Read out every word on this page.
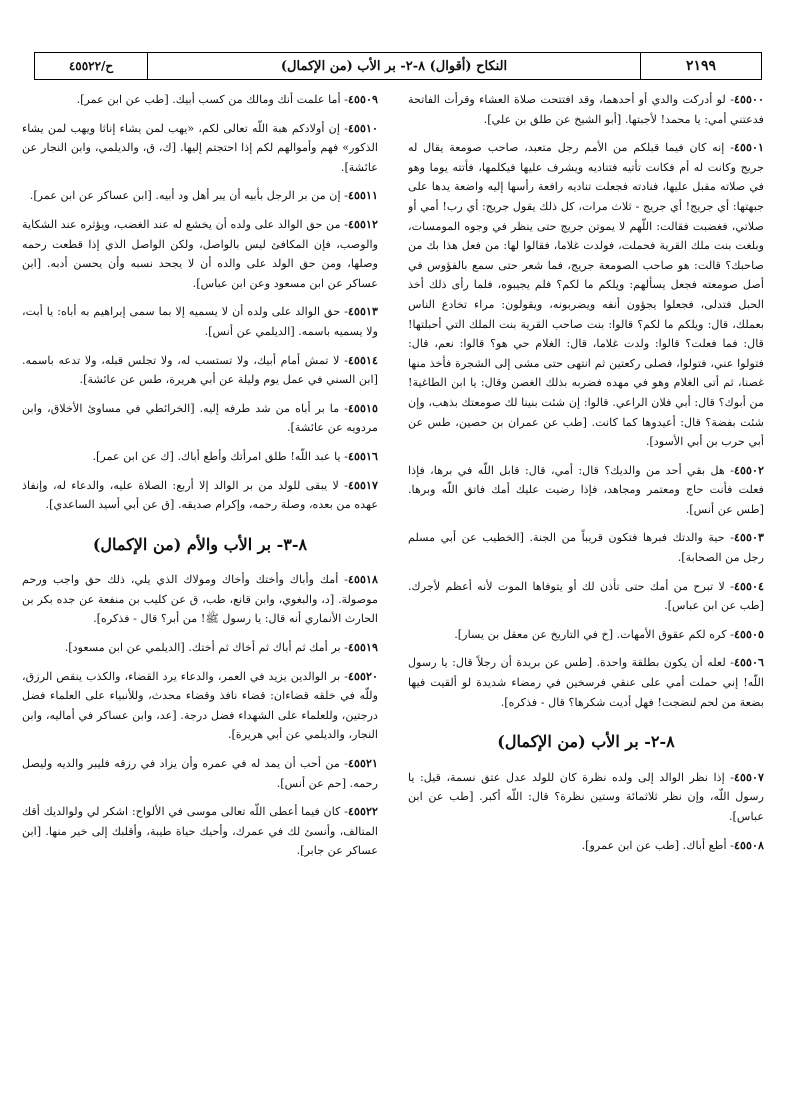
ح/٤٥٥٢٢	النكاح (أقوال) ٨-٢- بر الأب (من الإكمال)	٢١٩٩

٤٥٥٠٠- لو أدركت والدي أو أحدهما، وقد افتتحت صلاة العشاء وقرأت الفاتحة فدعتني أمي: يا محمد! لأجبتها. [أبو الشيخ عن طلق بن علي].

٤٥٥٠١- إنه كان فيما قبلكم من الأمم رجل متعبد، صاحب صومعة يقال له جريج وكانت له أم فكانت تأتيه فتناديه ويشرف عليها فيكلمها، فأتته يوما وهو في صلاته مقبل عليها، فنادته فجعلت تناديه رافعة رأسها إليه واضعة يدها على جبهتها: أي جريج! أي جريج - ثلاث مرات، كل ذلك يقول جريج: أي رب! أمي أو صلاتي، فغضبت فقالت: اللّهم لا يموتن جريج حتى ينظر في وجوه المومسات، وبلغت بنت ملك القرية فحملت، فولدت غلاما، فقالوا لها: من فعل هذا بك من صاحبك؟ قالت: هو صاحب الصومعة جريج، فما شعر حتى سمع بالفؤوس في أصل صومعته فجعل يسألهم: ويلكم ما لكم؟ فلم يجيبوه، فلما رأى ذلك أخذ الحبل فتدلى، فجعلوا يجؤون أنفه ويضربونه، ويقولون: مراء تخادع الناس بعملك، قال: ويلكم ما لكم؟ قالوا: بنت صاحب القرية بنت الملك التي أحبلتها! قال: فما فعلت؟ قالوا: ولدت غلاما، قال: الغلام حي هو؟ قالوا: نعم، قال: فتولوا عني، فتولوا، فصلى ركعتين ثم انتهى حتى مشى إلى الشجرة فأخذ منها غصنا، ثم أتى الغلام وهو في مهده فضربه بذلك الغصن وقال: يا ابن الطاغية! من أبوك؟ قال: أبي فلان الراعي. قالوا: إن شئت بنينا لك صومعتك بذهب، وإن شئت بفضة؟ قال: أعيدوها كما كانت. [طب عن عمران بن حصين، طس عن أبي حرب بن أبي الأسود].

٤٥٥٠٢- هل بقي أحد من والديك؟ قال: أمي، قال: قابل اللّه في برها، فإذا فعلت فأنت حاج ومعتمر ومجاهد، فإذا رضيت عليك أمك فاتق اللّه وبرها. [طس عن أنس].

٤٥٥٠٣- حية والدتك فبرها فتكون قريباً من الجنة. [الخطيب عن أبي مسلم رجل من الصحابة].

٤٥٥٠٤- لا تبرح من أمك حتى تأذن لك أو يتوفاها الموت لأنه أعظم لأجرك. [طب عن ابن عباس].

٤٥٥٠٥- كره لكم عقوق الأمهات. [خ في التاريخ عن معقل بن يسار].

٤٥٥٠٦- لعله أن يكون بطلقة واحدة. [طس عن بريدة أن رجلاً قال: يا رسول اللّه! إني حملت أمي على عنقي فرسخين في رمضاء شديدة لو ألقيت فيها بضعة من لحم لنضجت! فهل أديت شكرها؟ قال - فذكره].

٨-٢- بر الأب (من الإكمال)

٤٥٥٠٧- إذا نظر الوالد إلى ولده نظرة كان للولد عدل عتق نسمة، قيل: يا رسول اللّه، وإن نظر ثلاثمائة وستين نظرة؟ قال: اللّه أكبر. [طب عن ابن عباس].

٤٥٥٠٨- أطع أباك. [طب عن ابن عمرو].

٤٥٥٠٩- أما علمت أنك ومالك من كسب أبيك. [طب عن ابن عمر].

٤٥٥١٠- إن أولادكم هبة اللّه تعالى لكم، «يهب لمن يشاء إناثا ويهب لمن يشاء الذكور» فهم وأموالهم لكم إذا احتجتم إليها. [ك، ق، والديلمي، وابن النجار عن عائشة].

٤٥٥١١- إن من بر الرجل بأبيه أن يبر أهل ود أبيه. [ابن عساكر عن ابن عمر].

٤٥٥١٢- من حق الوالد على ولده أن يخشع له عند الغضب، ويؤثره عند الشكاية والوصب، فإن المكافئ ليس بالواصل، ولكن الواصل الذي إذا قطعت رحمه وصلها، ومن حق الولد على والده أن لا يجحد نسبه وأن يحسن أدبه. [ابن عساكر عن ابن مسعود وعن ابن عباس].

٤٥٥١٣- حق الوالد على ولده أن لا يسميه إلا بما سمى إبراهيم به أباه: يا أبت، ولا يسميه باسمه. [الديلمي عن أنس].

٤٥٥١٤- لا تمش أمام أبيك، ولا تستسب له، ولا تجلس قبله، ولا تدعه باسمه. [ابن السني في عمل يوم وليلة عن أبي هريرة، طس عن عائشة].

٤٥٥١٥- ما بر أباه من شد طرفه إليه. [الخرائطي في مساوئ الأخلاق، وابن مردويه عن عائشة].

٤٥٥١٦- يا عبد اللّه! طلق امرأتك وأطع أباك. [ك عن ابن عمر].

٤٥٥١٧- لا يبقى للولد من بر الوالد إلا أربع: الصلاة عليه، والدعاء له، وإنفاذ عهده من بعده، وصلة رحمه، وإكرام صديقه. [ق عن أبي أسيد الساعدي].

٨-٣- بر الأب والأم (من الإكمال)

٤٥٥١٨- أمك وأباك وأختك وأخاك ومولاك الذي يلي، ذلك حق واجب ورحم موصولة. [د، والبغوي، وابن قانع، طب، ق عن كليب بن منفعة عن جده بكر بن الحارث الأنماري أنه قال: يا رسول ﷺ! من أبر؟ قال - فذكره].

٤٥٥١٩- بر أمك ثم أباك ثم أخاك ثم أختك. [الديلمي عن ابن مسعود].

٤٥٥٢٠- بر الوالدين يزيد في العمر، والدعاء يرد القضاء، والكذب ينقص الرزق، وللّه في خلقه قضاءان: قضاء نافذ وقضاء محدث، وللأنبياء على العلماء فضل درجتين، وللعلماء على الشهداء فضل درجة. [عد، وابن عساكر في أماليه، وابن النجار، والديلمي عن أبي هريرة].

٤٥٥٢١- من أحب أن يمد له في عمره وأن يزاد في رزقه فليبر والديه وليصل رحمه. [حم عن أنس].

٤٥٥٢٢- كان فيما أعطى اللّه تعالى موسى في الألواح: اشكر لي ولوالديك أقك المتالف، وأنسئ لك في عمرك، وأحيك حياة طيبة، وأقلبك إلى خير منها. [ابن عساكر عن جابر].
